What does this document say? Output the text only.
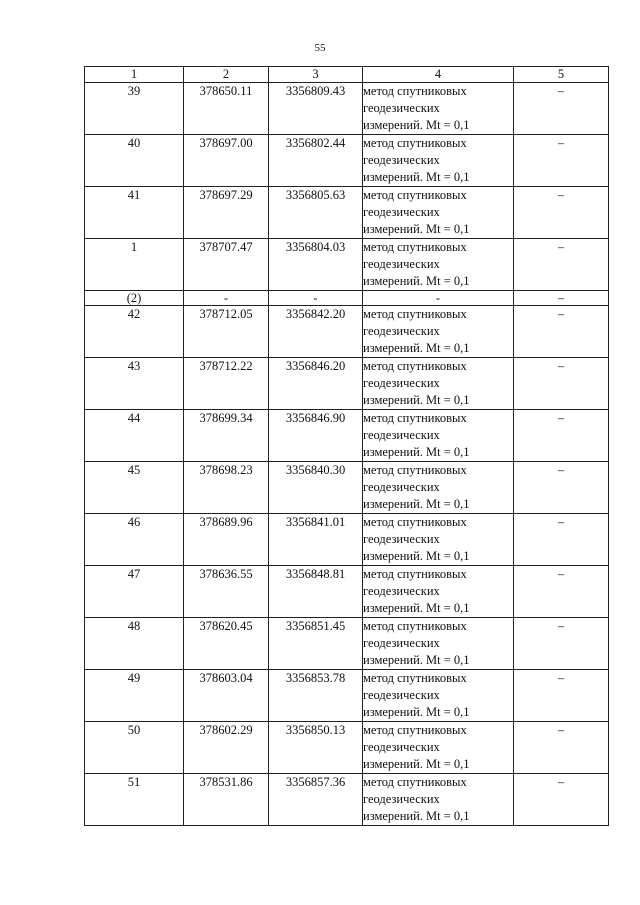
55
1	2	3	4	5
39	378650.11	3356809.43	метод спутниковых
геодезических
измерений. Mt = 0,1	–
40	378697.00	3356802.44	метод спутниковых
геодезических
измерений. Mt = 0,1	–
41	378697.29	3356805.63	метод спутниковых
геодезических
измерений. Mt = 0,1	–
1	378707.47	3356804.03	метод спутниковых
геодезических
измерений. Mt = 0,1	–
(2)	-	-	-	–
42	378712.05	3356842.20	метод спутниковых
геодезических
измерений. Mt = 0,1	–
43	378712.22	3356846.20	метод спутниковых
геодезических
измерений. Mt = 0,1	–
44	378699.34	3356846.90	метод спутниковых
геодезических
измерений. Mt = 0,1	–
45	378698.23	3356840.30	метод спутниковых
геодезических
измерений. Mt = 0,1	–
46	378689.96	3356841.01	метод спутниковых
геодезических
измерений. Mt = 0,1	–
47	378636.55	3356848.81	метод спутниковых
геодезических
измерений. Mt = 0,1	–
48	378620.45	3356851.45	метод спутниковых
геодезических
измерений. Mt = 0,1	–
49	378603.04	3356853.78	метод спутниковых
геодезических
измерений. Mt = 0,1	–
50	378602.29	3356850.13	метод спутниковых
геодезических
измерений. Mt = 0,1	–
51	378531.86	3356857.36	метод спутниковых
геодезических
измерений. Mt = 0,1	–
